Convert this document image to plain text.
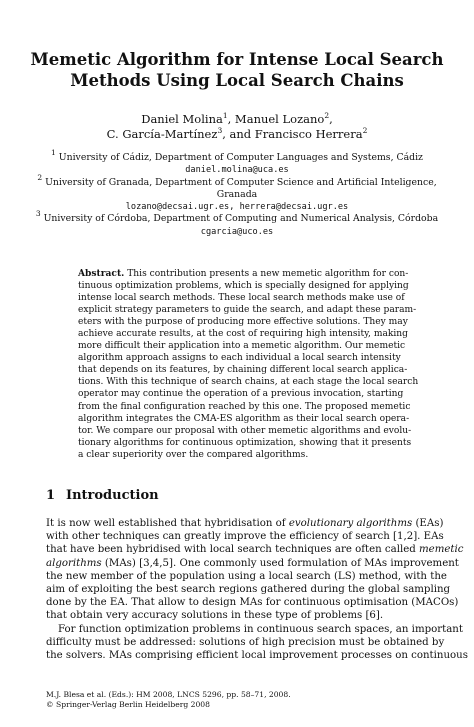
Memetic Algorithm for Intense Local Search
Methods Using Local Search Chains
Daniel Molina$^1$, Manuel Lozano$^2$,
C. García-Martínez$^3$, and Francisco Herrera$^2$
$^1$ University of Cádiz, Department of Computer Languages and Systems, Cádiz
daniel.molina@uca.es
$^2$ University of Granada, Department of Computer Science and Artificial Inteligence,
Granada
lozano@decsai.ugr.es, herrera@decsai.ugr.es
$^3$ University of Córdoba, Department of Computing and Numerical Analysis, Córdoba
cgarcia@uco.es
Abstract. This contribution presents a new memetic algorithm for con-
tinuous optimization problems, which is specially designed for applying
intense local search methods. These local search methods make use of
explicit strategy parameters to guide the search, and adapt these param-
eters with the purpose of producing more effective solutions. They may
achieve accurate results, at the cost of requiring high intensity, making
more difficult their application into a memetic algorithm. Our memetic
algorithm approach assigns to each individual a local search intensity
that depends on its features, by chaining different local search applica-
tions. With this technique of search chains, at each stage the local search
operator may continue the operation of a previous invocation, starting
from the final configuration reached by this one. The proposed memetic
algorithm integrates the CMA-ES algorithm as their local search opera-
tor. We compare our proposal with other memetic algorithms and evolu-
tionary algorithms for continuous optimization, showing that it presents
a clear superiority over the compared algorithms.
1 Introduction
It is now well established that hybridisation of evolutionary algorithms (EAs)
with other techniques can greatly improve the efficiency of search [1,2]. EAs
that have been hybridised with local search techniques are often called memetic
algorithms (MAs) [3,4,5]. One commonly used formulation of MAs improvement
the new member of the population using a local search (LS) method, with the
aim of exploiting the best search regions gathered during the global sampling
done by the EA. That allow to design MAs for continuous optimisation (MACOs)
that obtain very accuracy solutions in these type of problems [6].
For function optimization problems in continuous search spaces, an important
difficulty must be addressed: solutions of high precision must be obtained by
the solvers. MAs comprising efficient local improvement processes on continuous
M.J. Blesa et al. (Eds.): HM 2008, LNCS 5296, pp. 58–71, 2008.
© Springer-Verlag Berlin Heidelberg 2008
